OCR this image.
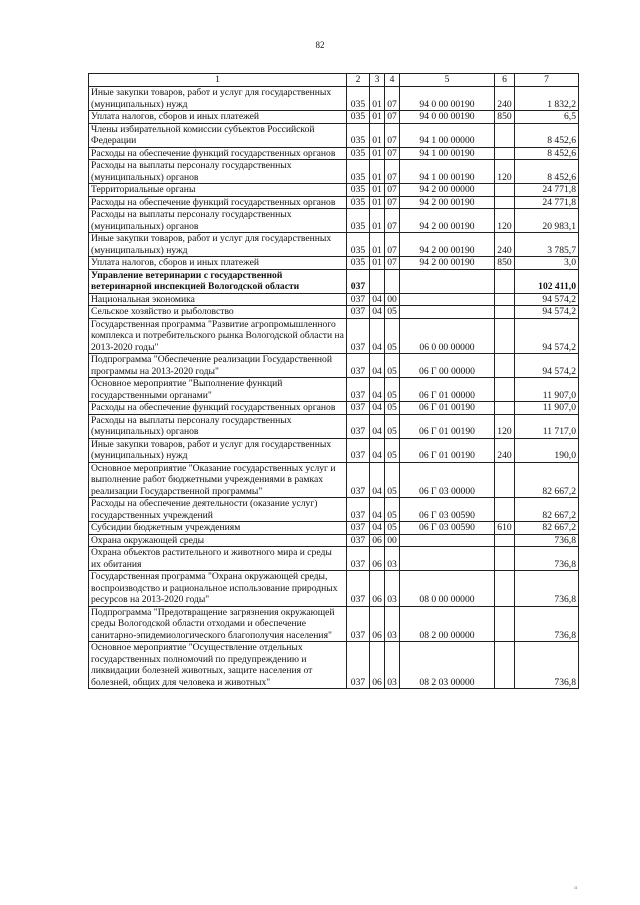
82
1	2	3	4	5	6	7
Иные закупки товаров, работ и услуг для государственных (муниципальных) нужд	035	01	07	94 0 00 00190	240	1 832,2
Уплата налогов, сборов и иных платежей	035	01	07	94 0 00 00190	850	6,5
Члены избирательной комиссии субъектов Российской Федерации	035	01	07	94 1 00 00000		8 452,6
Расходы на обеспечение функций государственных органов	035	01	07	94 1 00 00190		8 452,6
Расходы на выплаты персоналу государственных (муниципальных) органов	035	01	07	94 1 00 00190	120	8 452,6
Территориальные органы	035	01	07	94 2 00 00000		24 771,8
Расходы на обеспечение функций государственных органов	035	01	07	94 2 00 00190		24 771,8
Расходы на выплаты персоналу государственных (муниципальных) органов	035	01	07	94 2 00 00190	120	20 983,1
Иные закупки товаров, работ и услуг для государственных (муниципальных) нужд	035	01	07	94 2 00 00190	240	3 785,7
Уплата налогов, сборов и иных платежей	035	01	07	94 2 00 00190	850	3,0
Управление ветеринарии с государственной ветеринарной инспекцией Вологодской области	037					102 411,0
Национальная экономика	037	04	00			94 574,2
Сельское хозяйство и рыболовство	037	04	05			94 574,2
Государственная программа "Развитие агропромышленного комплекса и потребительского рынка Вологодской области на 2013-2020 годы"	037	04	05	06 0 00 00000		94 574,2
Подпрограмма "Обеспечение реализации Государственной программы на 2013-2020 годы"	037	04	05	06 Г 00 00000		94 574,2
Основное мероприятие "Выполнение функций государственными органами"	037	04	05	06 Г 01 00000		11 907,0
Расходы на обеспечение функций государственных органов	037	04	05	06 Г 01 00190		11 907,0
Расходы на выплаты персоналу государственных (муниципальных) органов	037	04	05	06 Г 01 00190	120	11 717,0
Иные закупки товаров, работ и услуг для государственных (муниципальных) нужд	037	04	05	06 Г 01 00190	240	190,0
Основное мероприятие "Оказание государственных услуг и выполнение работ бюджетными учреждениями в рамках реализации Государственной программы"	037	04	05	06 Г 03 00000		82 667,2
Расходы на обеспечение деятельности (оказание услуг) государственных учреждений	037	04	05	06 Г 03 00590		82 667,2
Субсидии бюджетным учреждениям	037	04	05	06 Г 03 00590	610	82 667,2
Охрана окружающей среды	037	06	00			736,8
Охрана объектов растительного и животного мира и среды их обитания	037	06	03			736,8
Государственная программа "Охрана окружающей среды, воспроизводство и рациональное использование природных ресурсов на 2013-2020 годы"	037	06	03	08 0 00 00000		736,8
Подпрограмма "Предотвращение загрязнения окружающей среды Вологодской области отходами и обеспечение санитарно-эпидемиологического благополучия населения"	037	06	03	08 2 00 00000		736,8
Основное мероприятие "Осуществление отдельных государственных полномочий по предупреждению и ликвидации болезней животных, защите населения от болезней, общих для человека и животных"	037	06	03	08 2 03 00000		736,8
ıı
